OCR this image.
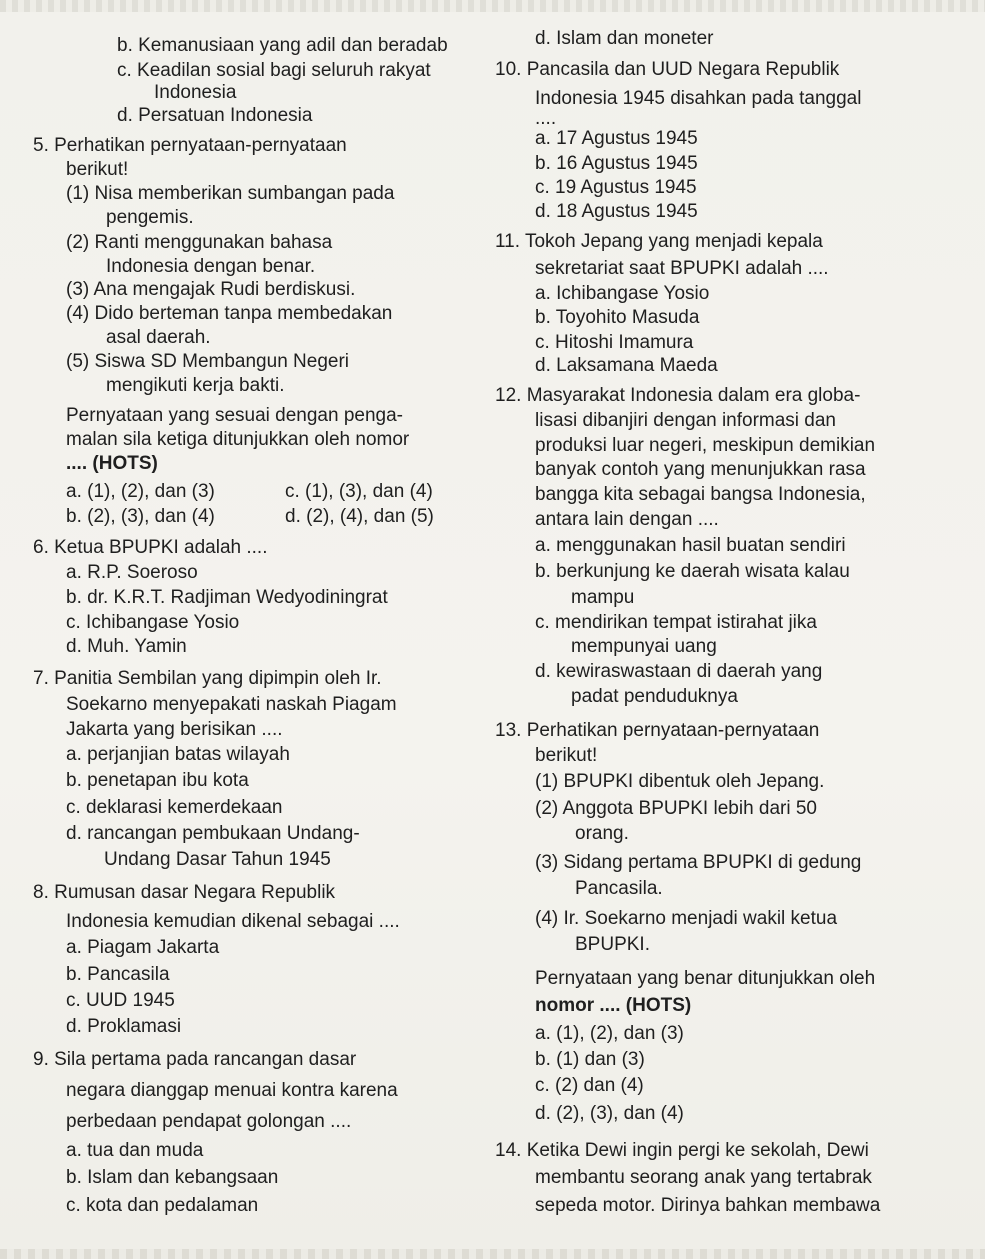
b. Kemanusiaan yang adil dan beradab
c. Keadilan sosial bagi seluruh rakyat
Indonesia
d. Persatuan Indonesia
5. Perhatikan pernyataan-pernyataan
berikut!
(1) Nisa memberikan sumbangan pada
pengemis.
(2) Ranti menggunakan bahasa
Indonesia dengan benar.
(3) Ana mengajak Rudi berdiskusi.
(4) Dido berteman tanpa membedakan
asal daerah.
(5) Siswa SD Membangun Negeri
mengikuti kerja bakti.
Pernyataan yang sesuai dengan penga-
malan sila ketiga ditunjukkan oleh nomor
.... (HOTS)
a. (1), (2), dan (3)	c. (1), (3), dan (4)
b. (2), (3), dan (4)	d. (2), (4), dan (5)
6. Ketua BPUPKI adalah ....
a. R.P. Soeroso
b. dr. K.R.T. Radjiman Wedyodiningrat
c. Ichibangase Yosio
d. Muh. Yamin
7. Panitia Sembilan yang dipimpin oleh Ir.
Soekarno menyepakati naskah Piagam
Jakarta yang berisikan ....
a. perjanjian batas wilayah
b. penetapan ibu kota
c. deklarasi kemerdekaan
d. rancangan pembukaan Undang-
Undang Dasar Tahun 1945
8. Rumusan dasar Negara Republik
Indonesia kemudian dikenal sebagai ....
a. Piagam Jakarta
b. Pancasila
c. UUD 1945
d. Proklamasi
9. Sila pertama pada rancangan dasar
negara dianggap menuai kontra karena
perbedaan pendapat golongan ....
a. tua dan muda
b. Islam dan kebangsaan
c. kota dan pedalaman
d. Islam dan moneter
10. Pancasila dan UUD Negara Republik
Indonesia 1945 disahkan pada tanggal
....
a. 17 Agustus 1945
b. 16 Agustus 1945
c. 19 Agustus 1945
d. 18 Agustus 1945
11. Tokoh Jepang yang menjadi kepala
sekretariat saat BPUPKI adalah ....
a. Ichibangase Yosio
b. Toyohito Masuda
c. Hitoshi Imamura
d. Laksamana Maeda
12. Masyarakat Indonesia dalam era globa-
lisasi dibanjiri dengan informasi dan
produksi luar negeri, meskipun demikian
banyak contoh yang menunjukkan rasa
bangga kita sebagai bangsa Indonesia,
antara lain dengan ....
a. menggunakan hasil buatan sendiri
b. berkunjung ke daerah wisata kalau
mampu
c. mendirikan tempat istirahat jika
mempunyai uang
d. kewiraswastaan di daerah yang
padat penduduknya
13. Perhatikan pernyataan-pernyataan
berikut!
(1) BPUPKI dibentuk oleh Jepang.
(2) Anggota BPUPKI lebih dari 50
orang.
(3) Sidang pertama BPUPKI di gedung
Pancasila.
(4) Ir. Soekarno menjadi wakil ketua
BPUPKI.
Pernyataan yang benar ditunjukkan oleh
nomor .... (HOTS)
a. (1), (2), dan (3)
b. (1) dan (3)
c. (2) dan (4)
d. (2), (3), dan (4)
14. Ketika Dewi ingin pergi ke sekolah, Dewi
membantu seorang anak yang tertabrak
sepeda motor. Dirinya bahkan membawa
